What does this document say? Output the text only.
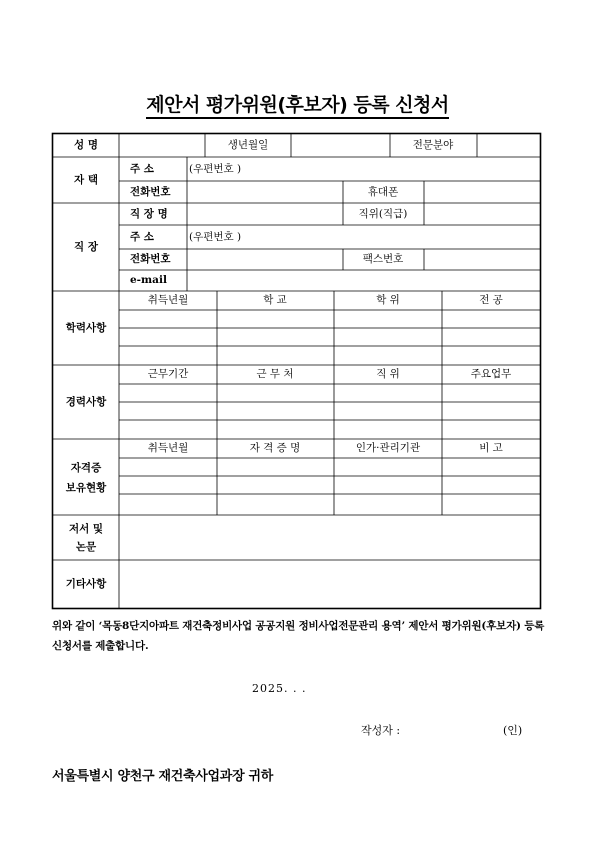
제안서 평가위원(후보자) 등록 신청서
성 명	생년월일	전문분야
자 택
주 소	(우편번호 )
전화번호	휴대폰
직 장
직 장 명	직위(직급)
주 소	(우편번호 )
전화번호	팩스번호
e-mail
학력사항
취득년월	학 교	학 위	전 공
경력사항
근무기간	근 무 처	직 위	주요업무
자격증
보유현황
취득년월	자 격 증 명	인가·관리기관	비 고
저서 및
논문
기타사항
위와 같이 ‘목동8단지아파트 재건축정비사업 공공지원 정비사업전문관리 용역’ 제안서 평가위원(후보자) 등록 신청서를 제출합니다.
2025. . .
작성자 :	(인)
서울특별시 양천구 재건축사업과장 귀하
